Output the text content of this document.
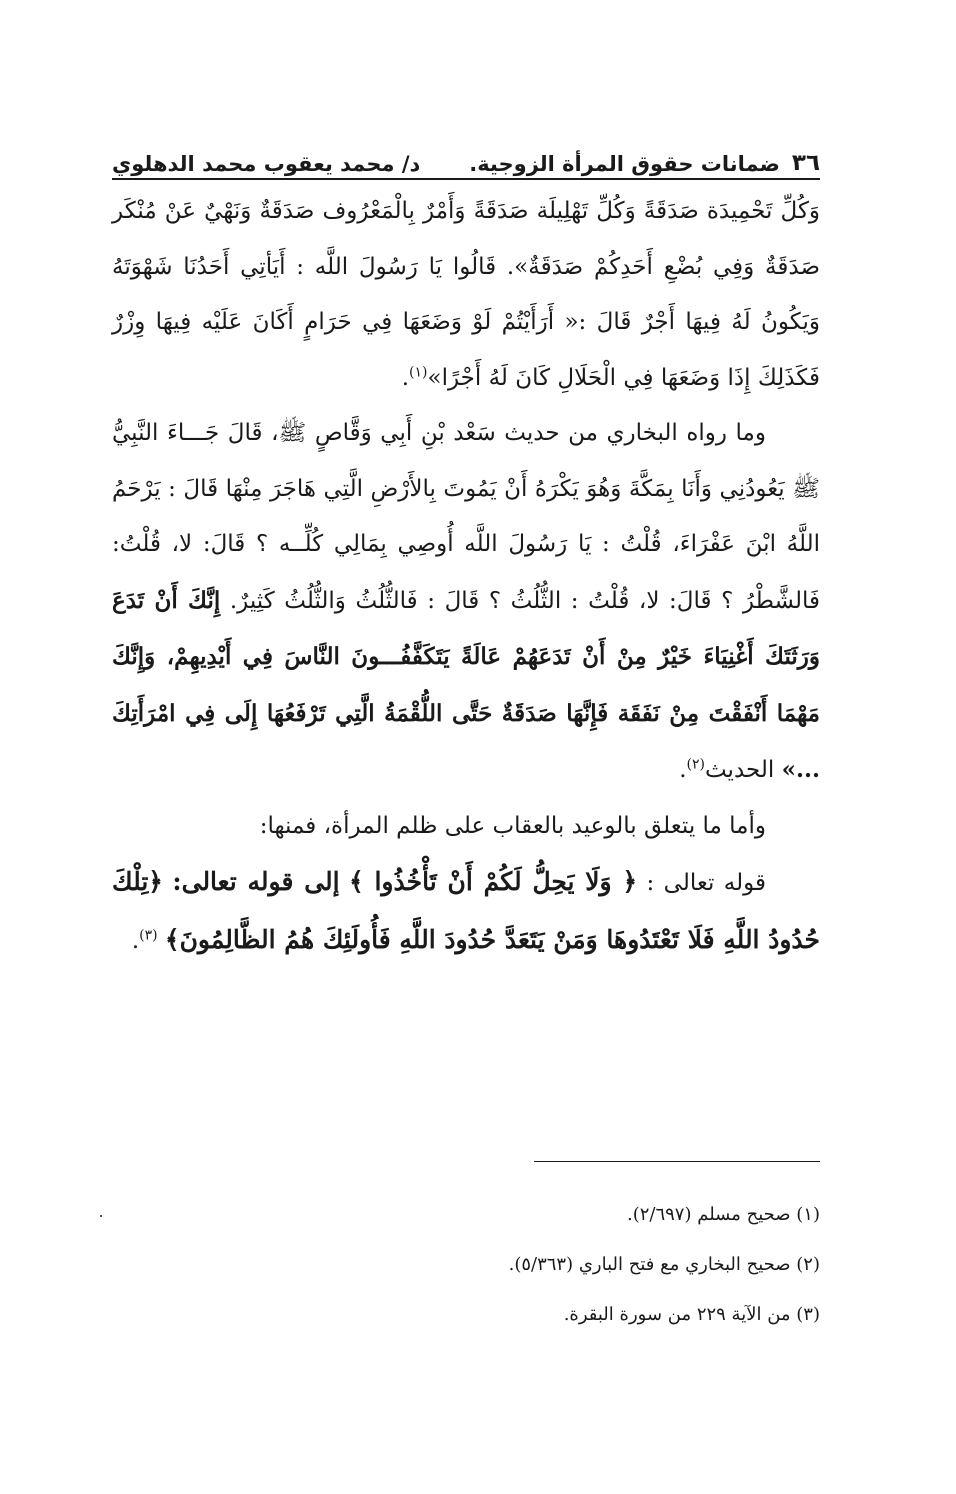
٣٦
ضمانات حقوق المرأة الزوجية.
د/ محمد يعقوب محمد الدهلوي

وَكُلِّ تَحْمِيدَة صَدَقَةً وَكُلِّ تَهْلِيلَة صَدَقَةً وَأَمْرٌ بِالْمَعْرُوف صَدَقَةٌ وَنَهْيٌ عَنْ مُنْكَر صَدَقَةٌ وَفِي بُضْعِ أَحَدِكُمْ صَدَقَةٌ». قَالُوا يَا رَسُولَ اللَّه : أَيَأتِي أَحَدُنَا شَهْوَتَهُ وَيَكُونُ لَهُ فِيهَا أَجْرٌ قَالَ :« أَرَأَيْتُمْ لَوْ وَضَعَهَا فِي حَرَامٍ أَكَانَ عَلَيْه فِيهَا وِزْرٌ فَكَذَلِكَ إِذَا وَضَعَهَا فِي الْحَلَالِ كَانَ لَهُ أَجْرًا»$^{(١)}$.

وما رواه البخاري من حديث سَعْد بْنِ أَبِي وَقَّاصٍ ﷺ، قَالَ جَـــاءَ النَّبِيُّ ﷺ يَعُودُنِي وَأَنَا بِمَكَّةَ وَهُوَ يَكْرَهُ أَنْ يَمُوتَ بِالأَرْضِ الَّتِي هَاجَرَ مِنْهَا قَالَ : يَرْحَمُ اللَّهُ ابْنَ عَفْرَاءَ، قُلْتُ : يَا رَسُولَ اللَّه أُوصِي بِمَالِي كُلِّــه ؟ قَالَ: لا، قُلْتُ: فَالشَّطْرُ ؟ قَالَ: لا، قُلْتُ : الثُّلُثُ ؟ قَالَ : فَالثُّلُثُ وَالثُّلُثُ كَثِيرٌ. إِنَّكَ أَنْ تَدَعَ وَرَثَتَكَ أَغْنِيَاءَ خَيْرٌ مِنْ أَنْ تَدَعَهُمْ عَالَةً يَتَكَفَّفُـــونَ النَّاسَ فِي أَيْدِيهِمْ، وَإِنَّكَ مَهْمَا أَنْفَقْتَ مِنْ نَفَقَة فَإِنَّهَا صَدَقَةٌ حَتَّى اللُّقْمَةُ الَّتِي تَرْفَعُهَا إِلَى فِي امْرَأَتِكَ ...» الحديث$^{(٢)}$.

وأما ما يتعلق بالوعيد بالعقاب على ظلم المرأة، فمنها:

قوله تعالى : ﴿ وَلَا يَحِلُّ لَكُمْ أَنْ تَأْخُذُوا ﴾ إلى قوله تعالى: ﴿تِلْكَ حُدُودُ اللَّهِ فَلَا تَعْتَدُوهَا وَمَنْ يَتَعَدَّ حُدُودَ اللَّهِ فَأُولَئِكَ هُمُ الظَّالِمُونَ﴾ $^{(٣)}$.

(١) صحيح مسلم (٢/٦٩٧).

(٢) صحيح البخاري مع فتح الباري (٥/٣٦٣).

(٣) من الآية ٢٢٩ من سورة البقرة.
